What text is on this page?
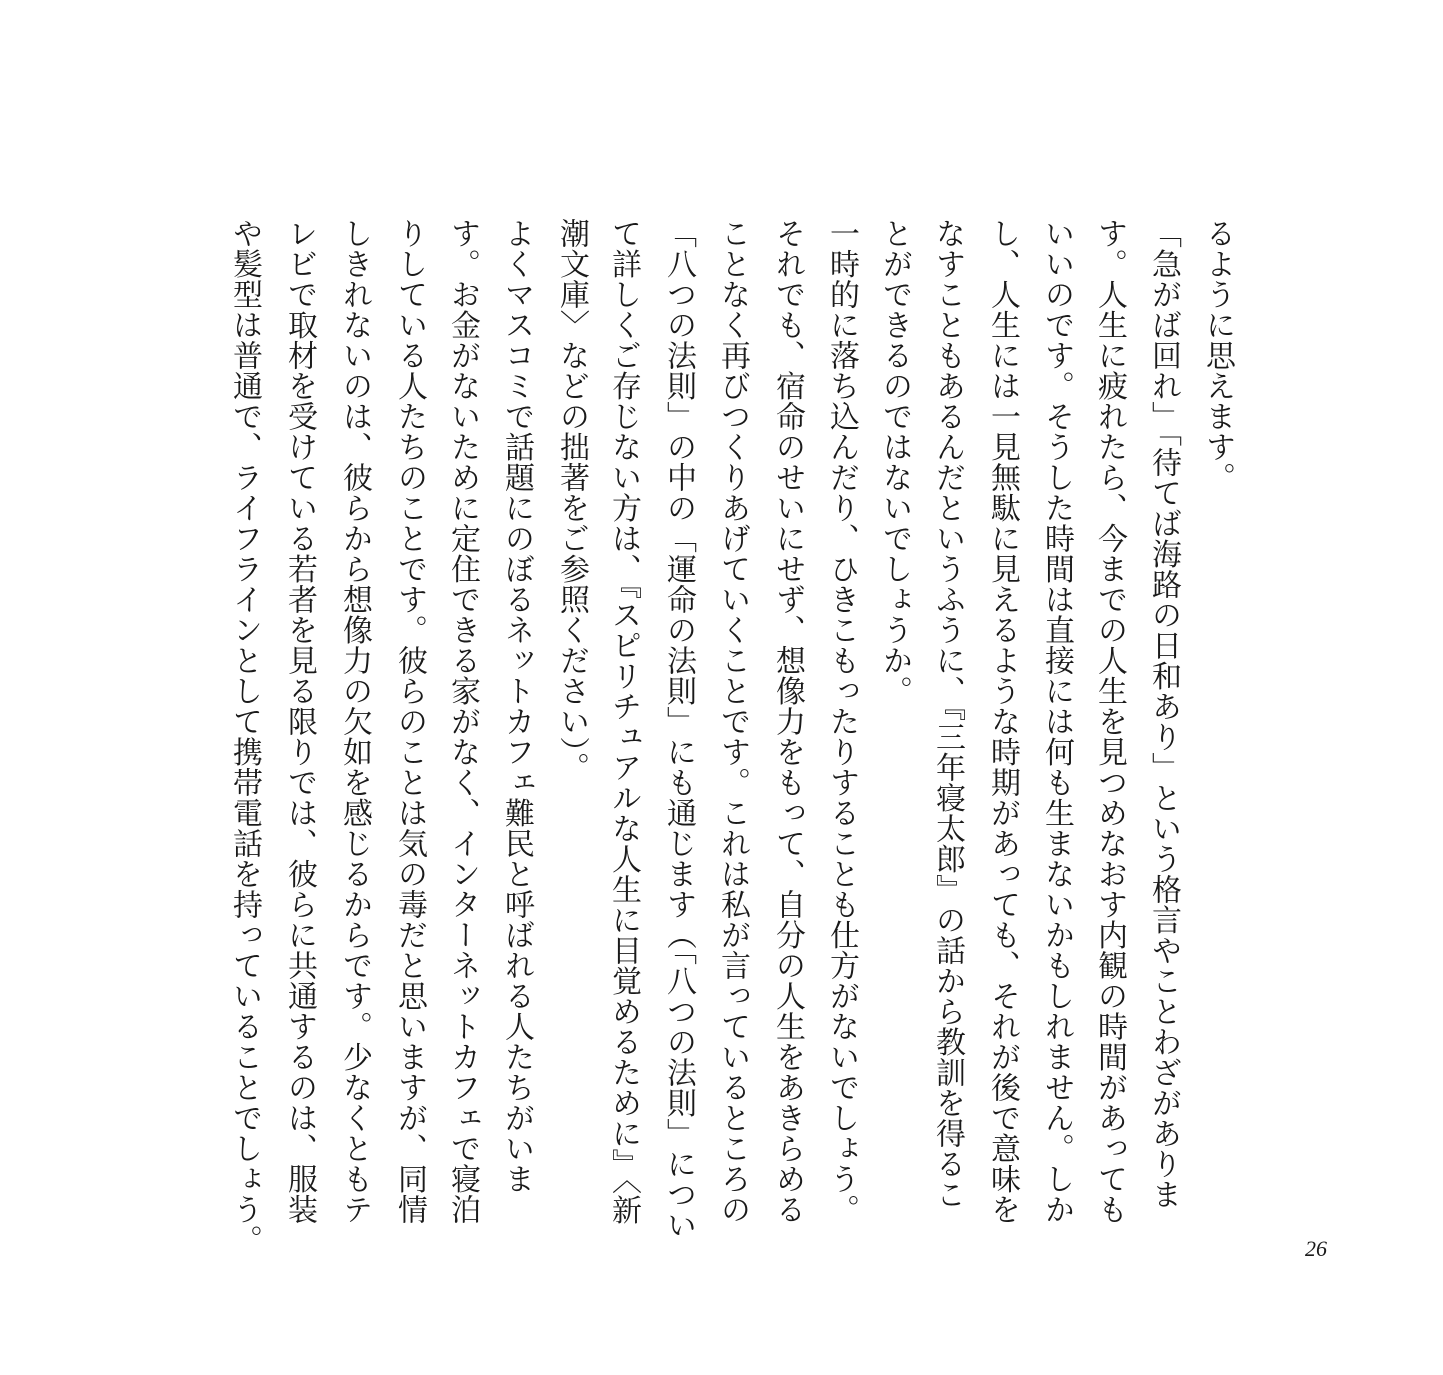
るように思えます。
「急がば回れ」「待てば海路の日和あり」という格言やことわざがありま
す。人生に疲れたら、今までの人生を見つめなおす内観の時間があっても
いいのです。そうした時間は直接には何も生まないかもしれません。しか
し、人生には一見無駄に見えるような時期があっても、それが後で意味を
なすこともあるんだというふうに、『三年寝太郎』の話から教訓を得るこ
とができるのではないでしょうか。
一時的に落ち込んだり、ひきこもったりすることも仕方がないでしょう。
それでも、宿命のせいにせず、想像力をもって、自分の人生をあきらめる
ことなく再びつくりあげていくことです。これは私が言っているところの
「八つの法則」の中の「運命の法則」にも通じます（「八つの法則」につい
て詳しくご存じない方は、『スピリチュアルな人生に目覚めるために』〈新
潮文庫〉などの拙著をご参照ください）。
よくマスコミで話題にのぼるネットカフェ難民と呼ばれる人たちがいま
す。お金がないために定住できる家がなく、インターネットカフェで寝泊
りしている人たちのことです。彼らのことは気の毒だと思いますが、同情
しきれないのは、彼らから想像力の欠如を感じるからです。少なくともテ
レビで取材を受けている若者を見る限りでは、彼らに共通するのは、服装
や髪型は普通で、ライフラインとして携帯電話を持っていることでしょう。	26
